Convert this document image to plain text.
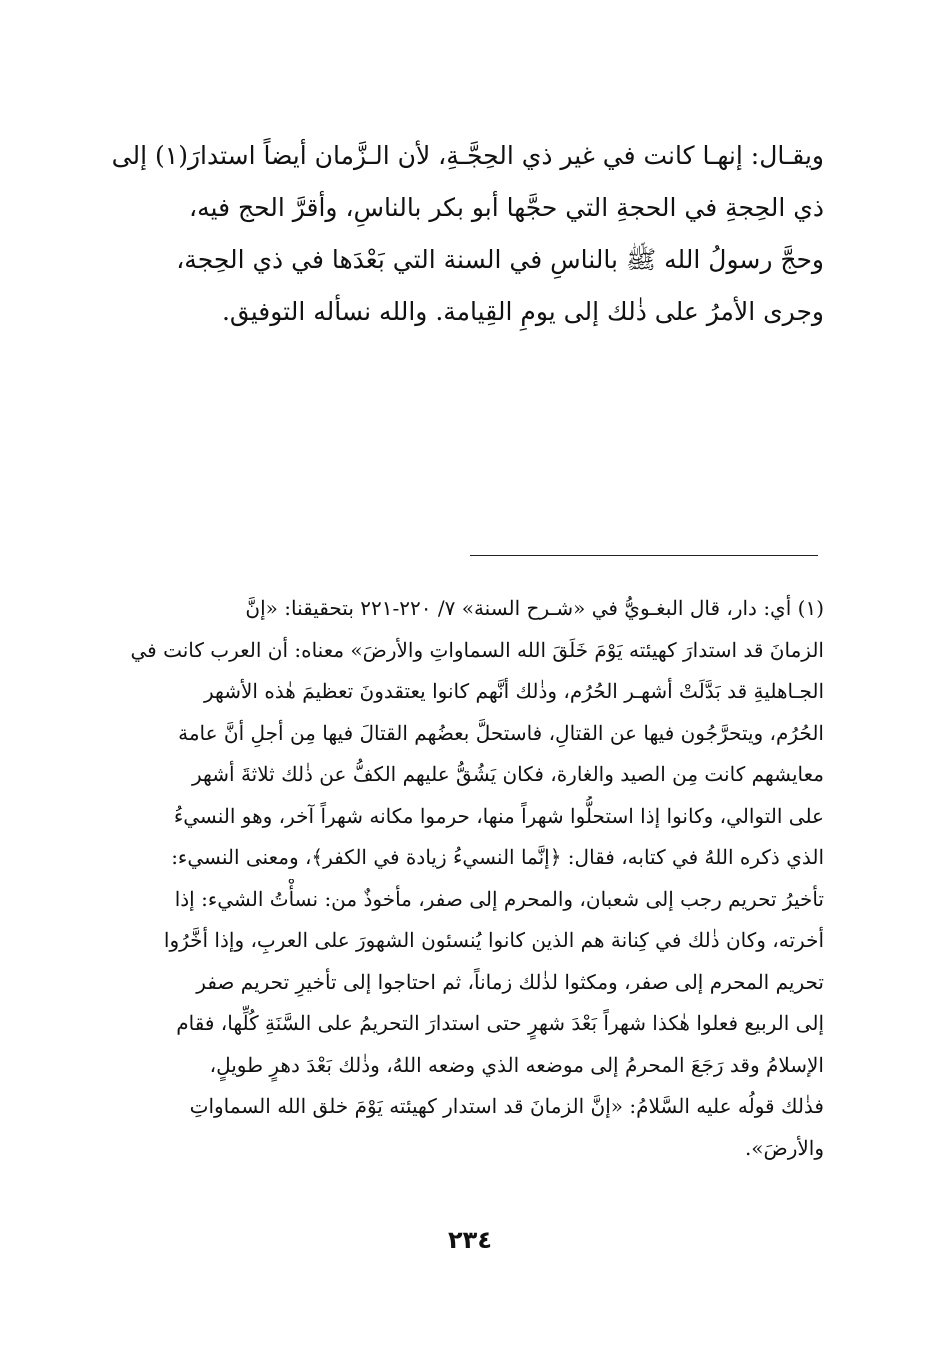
ويقـال: إنهـا كانت في غير ذي الحِجَّـةِ، لأن الـزَّمان أيضاً استدارَ(١) إلى
ذي الحِجةِ في الحجةِ التي حجَّها أبو بكر بالناسِ، وأقرَّ الحج فيه،
وحجَّ رسولُ الله ﷺ بالناسِ في السنة التي بَعْدَها في ذي الحِجة،
وجرى الأمرُ على ذٰلك إلى يومِ القِيامة. والله نسأله التوفيق.
(١) أي: دار، قال البغـويُّ في «شـرح السنة» ٧/ ٢٢٠-٢٢١ بتحقيقنا: «إنَّ
الزمانَ قد استدارَ كهيئته يَوْمَ خَلَقَ الله السماواتِ والأرضَ» معناه: أن العرب كانت في
الجـاهليةِ قد بَدَّلَتْ أشهـر الحُرُم، وذٰلك أنَّهم كانوا يعتقدونَ تعظيمَ هٰذه الأشهر
الحُرُم، ويتحرَّجُون فيها عن القتالِ، فاستحلَّ بعضُهم القتالَ فيها مِن أجلِ أنَّ عامة
معايشهم كانت مِن الصيد والغارة، فكان يَشُقُّ عليهم الكفُّ عن ذٰلك ثلاثةَ أشهر
على التوالي، وكانوا إذا استحلُّوا شهراً منها، حرموا مكانه شهراً آخر، وهو النسيءُ
الذي ذكره اللهُ في كتابه، فقال: ﴿إنَّما النسيءُ زيادة في الكفر﴾، ومعنى النسيء:
تأخيرُ تحريم رجب إلى شعبان، والمحرم إلى صفر، مأخوذٌ من: نسأْتُ الشيء: إذا
أخرته، وكان ذٰلك في كِنانة هم الذين كانوا يُنسئون الشهورَ على العربِ، وإذا أخَّرُوا
تحريم المحرم إلى صفر، ومكثوا لذٰلك زماناً، ثم احتاجوا إلى تأخيرِ تحريم صفر
إلى الربيع فعلوا هٰكذا شهراً بَعْدَ شهرٍ حتى استدارَ التحريمُ على السَّنَةِ كُلِّها، فقام
الإسلامُ وقد رَجَعَ المحرمُ إلى موضعه الذي وضعه اللهُ، وذٰلك بَعْدَ دهرٍ طويلٍ،
فذٰلك قولُه عليه السَّلامُ: «إنَّ الزمانَ قد استدار كهيئته يَوْمَ خلق الله السماواتِ
والأرضَ».
٢٣٤
